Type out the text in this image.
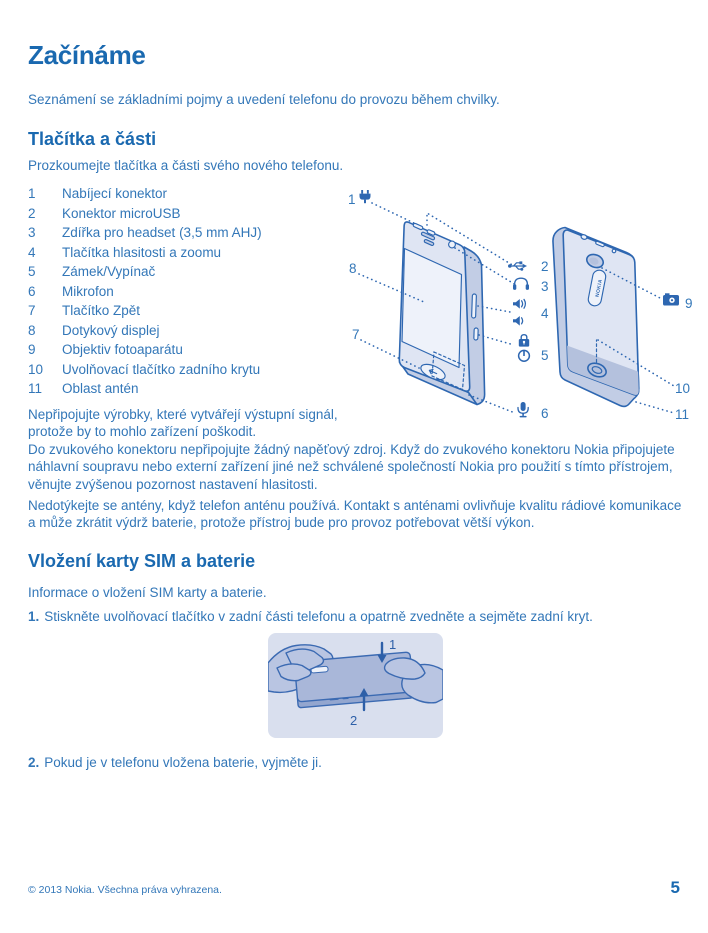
Začínáme

Seznámení se základními pojmy a uvedení telefonu do provozu během chvilky.

Tlačítka a části

Prozkoumejte tlačítka a části svého nového telefonu.

1	Nabíjecí konektor
2	Konektor microUSB
3	Zdířka pro headset (3,5 mm AHJ)
4	Tlačítka hlasitosti a zoomu
5	Zámek/Vypínač
6	Mikrofon
7	Tlačítko Zpět
8	Dotykový displej
9	Objektiv fotoaparátu
10	Uvolňovací tlačítko zadního krytu
11	Oblast antén
NOKIA
1
2
3
4
5
6
7
8
9
10
11

Nepřipojujte výrobky, které vytvářejí výstupní signál, protože by to mohlo zařízení poškodit.

Do zvukového konektoru nepřipojujte žádný napěťový zdroj. Když do zvukového konektoru Nokia připojujete náhlavní soupravu nebo externí zařízení jiné než schválené společností Nokia pro použití s tímto přístrojem, věnujte zvýšenou pozornost nastavení hlasitosti.

Nedotýkejte se antény, když telefon anténu používá. Kontakt s anténami ovlivňuje kvalitu rádiové komunikace a může zkrátit výdrž baterie, protože přístroj bude pro provoz potřebovat větší výkon.

Vložení karty SIM a baterie

Informace o vložení SIM karty a baterie.

1. Stiskněte uvolňovací tlačítko v zadní části telefonu a opatrně zvedněte a sejměte zadní kryt.

1
2

2. Pokud je v telefonu vložena baterie, vyjměte ji.

© 2013 Nokia. Všechna práva vyhrazena.	5
